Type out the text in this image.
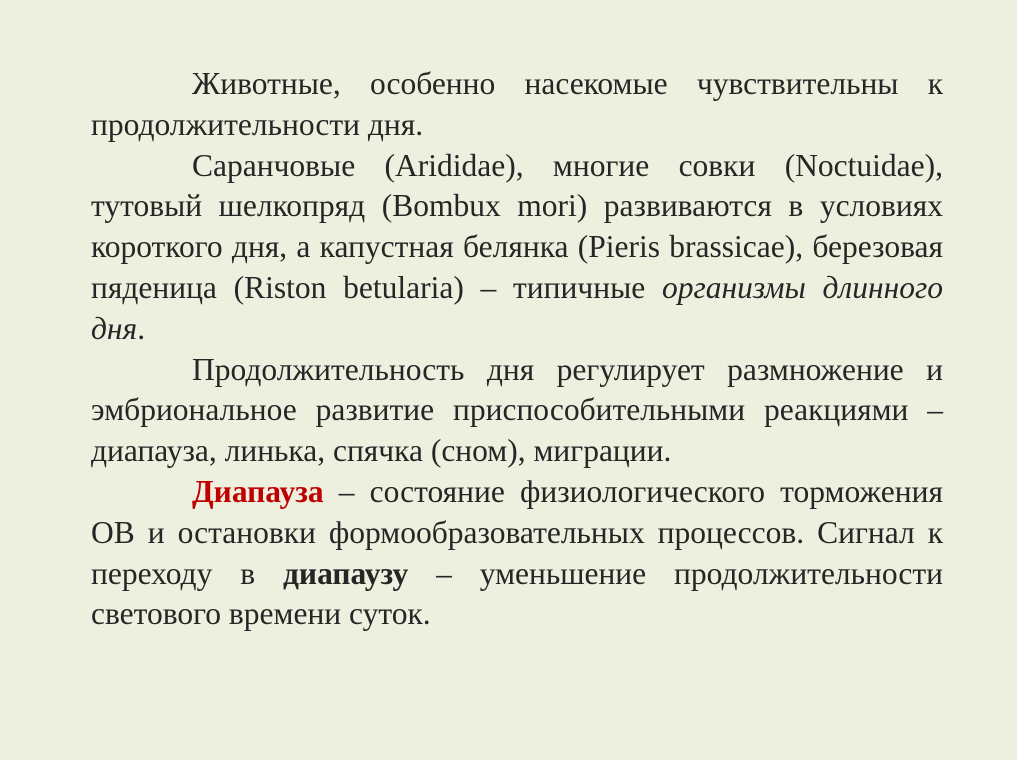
Животные, особенно насекомые чувствительны к продолжительности дня.

Саранчовые (Arididae), многие совки (Noctuidae), тутовый шелкопряд (Bombux mori) развиваются в условиях короткого дня, а капустная белянка (Pieris brassicae), березовая пяденица (Riston betularia) – типичные организмы длинного дня.

Продолжительность дня регулирует размножение и эмбриональное развитие приспособительными реакциями – диапауза, линька, спячка (сном), миграции.

Диапауза – состояние физиологического торможения ОВ и остановки формообразовательных процессов. Сигнал к переходу в диапаузу – уменьшение продолжительности светового времени суток.
